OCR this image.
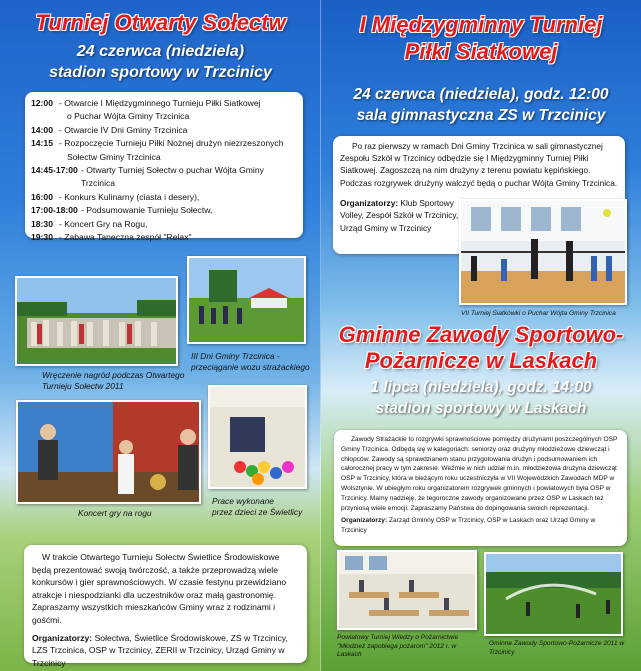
Turniej Otwarty Sołectw
24 czerwca (niedziela)
stadion sportowy w Trzcinicy
12:00 - Otwarcie I Międzygminnego Turnieju Piłki Siatkowej
o Puchar Wójta Gminy Trzcinica
14:00 - Otwarcie IV Dni Gminy Trzcinica
14:15 - Rozpoczęcie Turnieju Piłki Nożnej drużyn niezrzeszonych
Sołectw Gminy Trzcinica
14:45-17:00 - Otwarty Turniej Sołectw o puchar Wójta Gminy Trzcinica
16:00 - Konkurs Kulinarny (ciasta i desery),
17:00-18:00 - Podsumowanie Turnieju Sołectw,
18:30 - Koncert Gry na Rogu,
19:30 - Zabawa Taneczna zespół "Relax"
Wręczenie nagród podczas Otwartego Turnieju Sołectw 2011
III Dni Gminy Trzcinica - przeciąganie wozu strażackiego
Koncert gry na rogu
Prace wykonane
przez dzieci ze Świetlicy
W trakcie Otwartego Turnieju Sołectw Świetlice Środowiskowe będą prezentować swoją twórczość, a także przeprowadzą wiele konkursów i gier sprawnościowych. W czasie festynu przewidziano atrakcje i niespodzianki dla uczestników oraz małą gastronomię. Zapraszamy wszystkich mieszkańców Gminy wraz z rodzinami i gośćmi.
Organizatorzy: Sołectwa, Świetlice Środowiskowe, ZS w Trzcinicy, LZS Trzcinica, OSP w Trzcinicy, ZERII w Trzcinicy, Urząd Gminy w Trzcinicy
I Międzygminny Turniej
Piłki Siatkowej
24 czerwca (niedziela), godz. 12:00
sala gimnastyczna ZS w Trzcinicy
Po raz pierwszy w ramach Dni Gminy Trzcinica w sali gimnastycznej Zespołu Szkół w Trzcinicy odbędzie się I Międzygminny Turniej Piłki Siatkowej. Zagoszczą na nim drużyny z terenu powiatu kępińskiego. Podczas rozgrywek drużyny walczyć będą o puchar Wójta Gminy Trzcinica.
Organizatorzy: Klub Sportowy Volley, Zespół Szkół w Trzcinicy, Urząd Gminy w Trzcinicy
VII Turniej Siatkówki o Puchar Wójta Gminy Trzcinica
Gminne Zawody Sportowo-
Pożarnicze w Laskach
1 lipca (niedziela), godz. 14:00
stadion sportowy w Laskach
Zawody Strażackie to rozgrywki sprawnościowe pomiędzy drużynami poszczególnych OSP Gminy Trzcinica. Odbędą się w kategoriach: seniorzy oraz drużyny młodzieżowe dziewcząt i chłopców. Zawody są sprawdzianem stanu przygotowania drużyn i podsumowaniem ich całorocznej pracy w tym zakresie. Weźmie w nich udział m.in. młodzieżowa drużyna dziewcząt OSP w Trzcinicy, która w bieżącym roku uczestniczyła w VII Wojewódzkich Zawodach MDP w Wolsztynie. W ubiegłym roku organizatorem rozgrywek gminnych i powiatowych była OSP w Trzcinicy. Mamy nadzieję, że tegoroczne zawody organizowane przez OSP w Laskach też przyniosą wiele emocji. Zapraszamy Państwa do dopingowania swoich reprezentacji.
Organizatorzy: Zarząd Gminny OSP w Trzcinicy, OSP w Laskach oraz Urząd Gminy w Trzcinicy
Powiatowy Turniej Wiedzy o Pożarnictwie "Młodzież zapobiega pożarom" 2012 r. w Laskach
Gminne Zawody Sportowo-Pożarnicze 2011 w Trzcinicy
